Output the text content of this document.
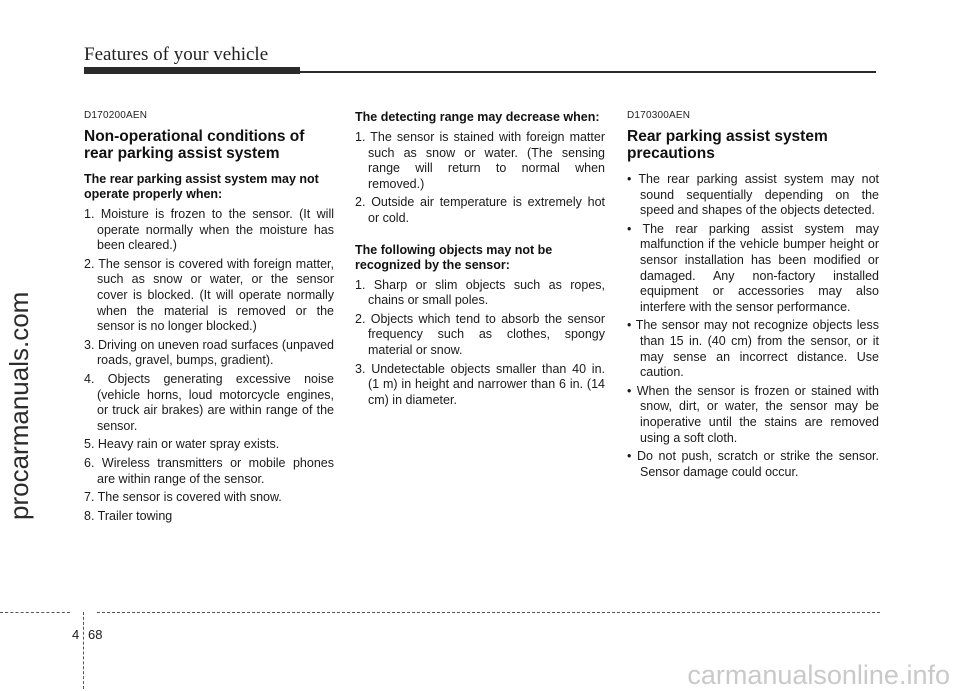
Features of your vehicle
procarmanuals.com
D170200AEN
Non-operational conditions of rear parking assist system
The rear parking assist system may not operate properly when:
1. Moisture is frozen to the sensor. (It will operate normally when the moisture has been cleared.)
2. The sensor is covered with foreign matter, such as snow or water, or the sensor cover is blocked. (It will operate normally when the material is removed or the sensor is no longer blocked.)
3. Driving on uneven road surfaces (unpaved roads, gravel, bumps, gradient).
4. Objects generating excessive noise (vehicle horns, loud motorcycle engines, or truck air brakes) are within range of the sensor.
5. Heavy rain or water spray exists.
6. Wireless transmitters or mobile phones are within range of the sensor.
7. The sensor is covered with snow.
8. Trailer towing
The detecting range may decrease when:
1. The sensor is stained with foreign matter such as snow or water. (The sensing range will return to normal when removed.)
2. Outside air temperature is extremely hot or cold.
The following objects may not be recognized by the sensor:
1. Sharp or slim objects such as ropes, chains or small poles.
2. Objects which tend to absorb the sensor frequency such as clothes, spongy material or snow.
3. Undetectable objects smaller than 40 in. (1 m) in height and narrower than 6 in. (14 cm) in diameter.
D170300AEN
Rear parking assist system precautions
• The rear parking assist system may not sound sequentially depending on the speed and shapes of the objects detected.
• The rear parking assist system may malfunction if the vehicle bumper height or sensor installation has been modified or damaged. Any non-factory installed equipment or accessories may also interfere with the sensor performance.
• The sensor may not recognize objects less than 15 in. (40 cm) from the sensor, or it may sense an incorrect distance. Use caution.
• When the sensor is frozen or stained with snow, dirt, or water, the sensor may be inoperative until the stains are removed using a soft cloth.
• Do not push, scratch or strike the sensor. Sensor damage could occur.
4 68
carmanualsonline.info
